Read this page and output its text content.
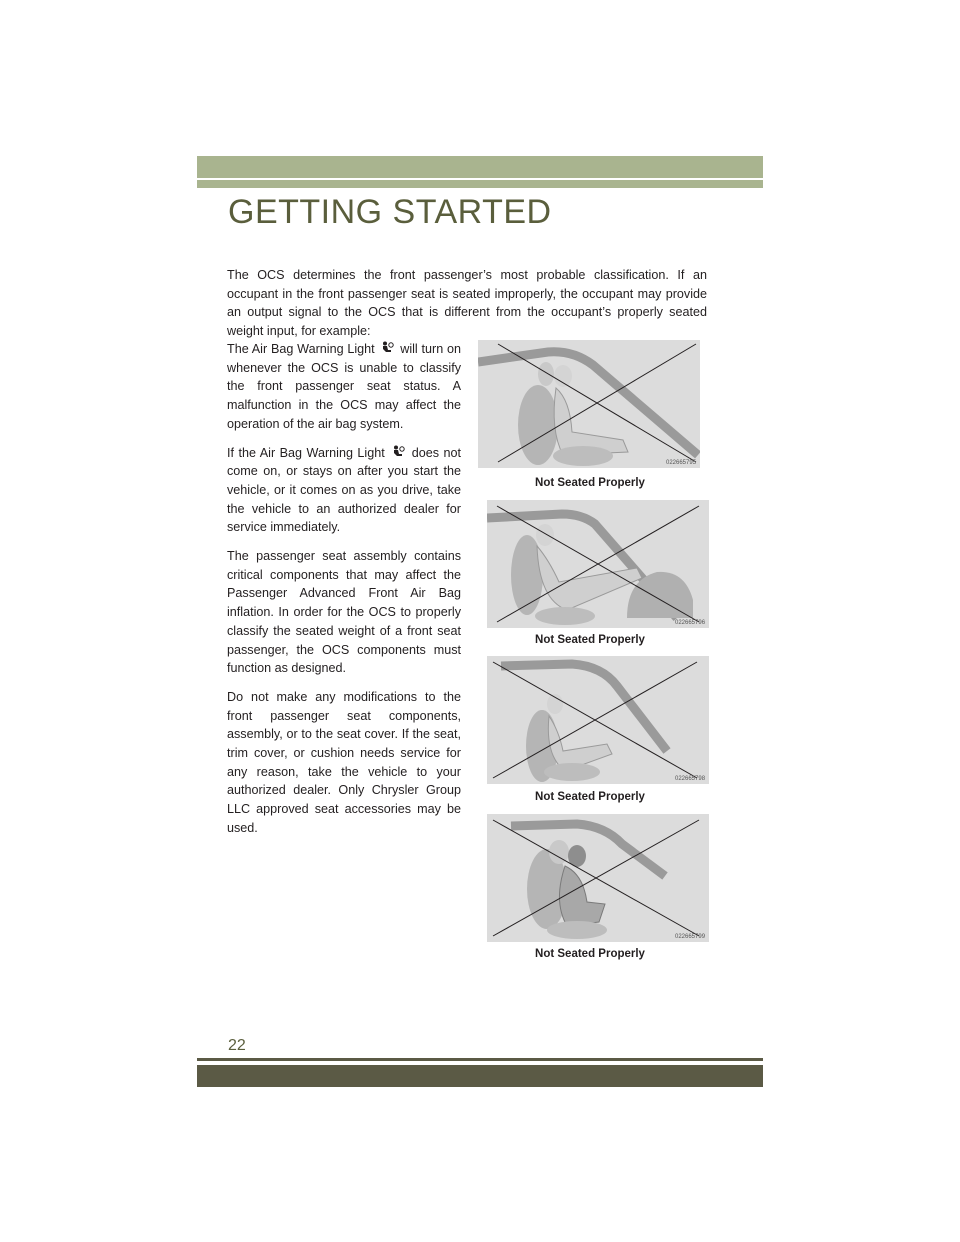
GETTING STARTED

The OCS determines the front passenger’s most probable classification. If an occupant in the front passenger seat is seated improperly, the occupant may provide an output signal to the OCS that is different from the occupant’s properly seated weight input, for example:

The Air Bag Warning Light will turn on whenever the OCS is unable to classify the front passenger seat status. A malfunction in the OCS may affect the operation of the air bag system.

If the Air Bag Warning Light does not come on, or stays on after you start the vehicle, or it comes on as you drive, take the vehicle to an authorized dealer for service immediately.

The passenger seat assembly contains critical components that may affect the Passenger Advanced Front Air Bag inflation. In order for the OCS to properly classify the seated weight of a front seat passenger, the OCS components must function as designed.

Do not make any modifications to the front passenger seat components, assembly, or to the seat cover. If the seat, trim cover, or cushion needs service for any reason, take the vehicle to your authorized dealer. Only Chrysler Group LLC approved seat accessories may be used.

022665795
Not Seated Properly
022665796
Not Seated Properly
022665798
Not Seated Properly
022665799
Not Seated Properly
22
